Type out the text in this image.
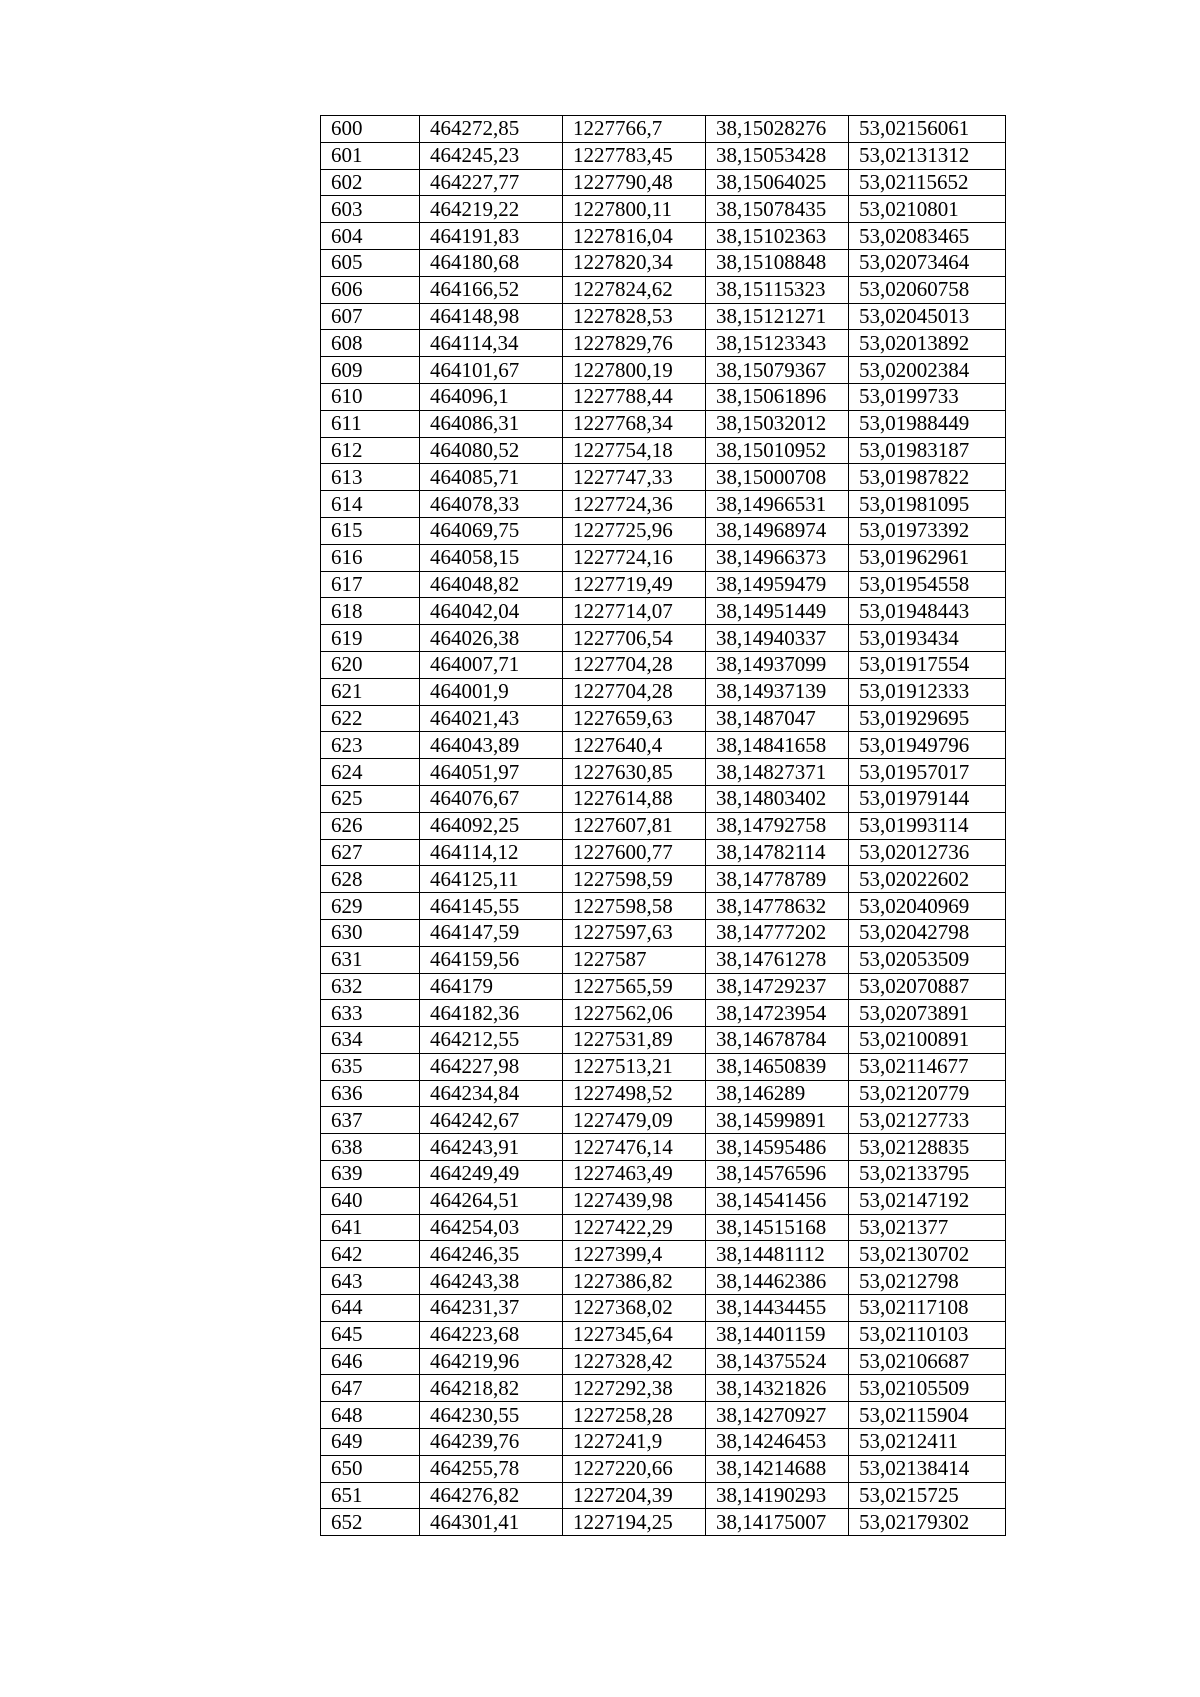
600	464272,85	1227766,7	38,15028276	53,02156061
601	464245,23	1227783,45	38,15053428	53,02131312
602	464227,77	1227790,48	38,15064025	53,02115652
603	464219,22	1227800,11	38,15078435	53,0210801
604	464191,83	1227816,04	38,15102363	53,02083465
605	464180,68	1227820,34	38,15108848	53,02073464
606	464166,52	1227824,62	38,15115323	53,02060758
607	464148,98	1227828,53	38,15121271	53,02045013
608	464114,34	1227829,76	38,15123343	53,02013892
609	464101,67	1227800,19	38,15079367	53,02002384
610	464096,1	1227788,44	38,15061896	53,0199733
611	464086,31	1227768,34	38,15032012	53,01988449
612	464080,52	1227754,18	38,15010952	53,01983187
613	464085,71	1227747,33	38,15000708	53,01987822
614	464078,33	1227724,36	38,14966531	53,01981095
615	464069,75	1227725,96	38,14968974	53,01973392
616	464058,15	1227724,16	38,14966373	53,01962961
617	464048,82	1227719,49	38,14959479	53,01954558
618	464042,04	1227714,07	38,14951449	53,01948443
619	464026,38	1227706,54	38,14940337	53,0193434
620	464007,71	1227704,28	38,14937099	53,01917554
621	464001,9	1227704,28	38,14937139	53,01912333
622	464021,43	1227659,63	38,1487047	53,01929695
623	464043,89	1227640,4	38,14841658	53,01949796
624	464051,97	1227630,85	38,14827371	53,01957017
625	464076,67	1227614,88	38,14803402	53,01979144
626	464092,25	1227607,81	38,14792758	53,01993114
627	464114,12	1227600,77	38,14782114	53,02012736
628	464125,11	1227598,59	38,14778789	53,02022602
629	464145,55	1227598,58	38,14778632	53,02040969
630	464147,59	1227597,63	38,14777202	53,02042798
631	464159,56	1227587	38,14761278	53,02053509
632	464179	1227565,59	38,14729237	53,02070887
633	464182,36	1227562,06	38,14723954	53,02073891
634	464212,55	1227531,89	38,14678784	53,02100891
635	464227,98	1227513,21	38,14650839	53,02114677
636	464234,84	1227498,52	38,146289	53,02120779
637	464242,67	1227479,09	38,14599891	53,02127733
638	464243,91	1227476,14	38,14595486	53,02128835
639	464249,49	1227463,49	38,14576596	53,02133795
640	464264,51	1227439,98	38,14541456	53,02147192
641	464254,03	1227422,29	38,14515168	53,021377
642	464246,35	1227399,4	38,14481112	53,02130702
643	464243,38	1227386,82	38,14462386	53,0212798
644	464231,37	1227368,02	38,14434455	53,02117108
645	464223,68	1227345,64	38,14401159	53,02110103
646	464219,96	1227328,42	38,14375524	53,02106687
647	464218,82	1227292,38	38,14321826	53,02105509
648	464230,55	1227258,28	38,14270927	53,02115904
649	464239,76	1227241,9	38,14246453	53,0212411
650	464255,78	1227220,66	38,14214688	53,02138414
651	464276,82	1227204,39	38,14190293	53,0215725
652	464301,41	1227194,25	38,14175007	53,02179302
